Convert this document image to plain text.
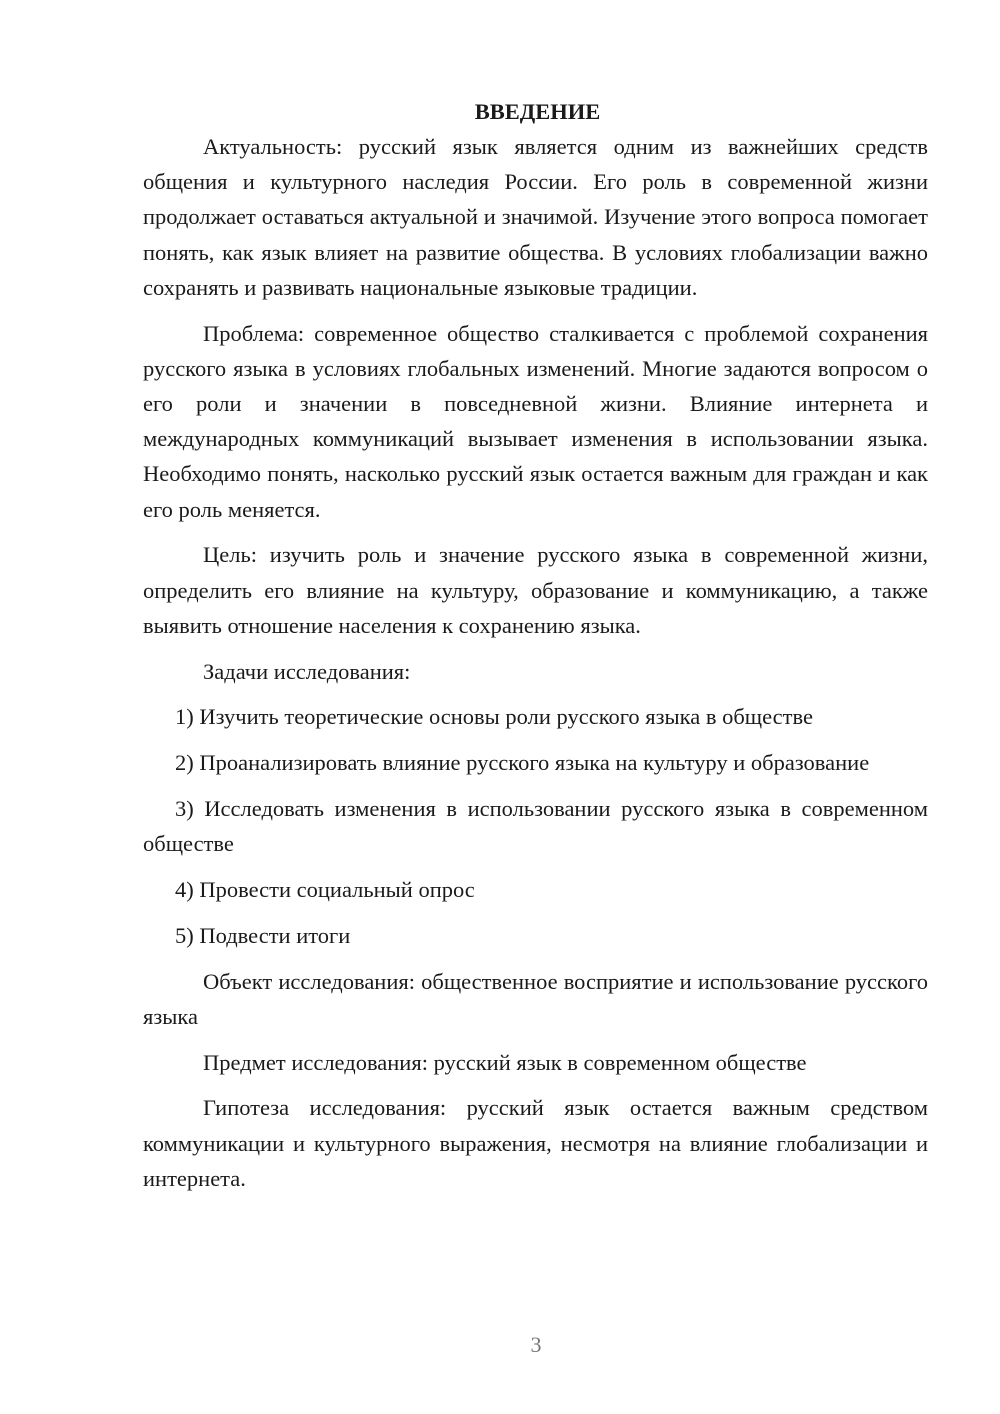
ВВЕДЕНИЕ

Актуальность: русский язык является одним из важнейших средств общения и культурного наследия России. Его роль в современной жизни продолжает оставаться актуальной и значимой. Изучение этого вопроса помогает понять, как язык влияет на развитие общества. В условиях глобализации важно сохранять и развивать национальные языковые традиции.

Проблема: современное общество сталкивается с проблемой сохранения русского языка в условиях глобальных изменений. Многие задаются вопросом о его роли и значении в повседневной жизни. Влияние интернета и международных коммуникаций вызывает изменения в использовании языка. Необходимо понять, насколько русский язык остается важным для граждан и как его роль меняется.

Цель: изучить роль и значение русского языка в современной жизни, определить его влияние на культуру, образование и коммуникацию, а также выявить отношение населения к сохранению языка.

Задачи исследования:

1) Изучить теоретические основы роли русского языка в обществе

2) Проанализировать влияние русского языка на культуру и образование

3) Исследовать изменения в использовании русского языка в современном обществе

4) Провести социальный опрос

5) Подвести итоги

Объект исследования: общественное восприятие и использование русского языка

Предмет исследования: русский язык в современном обществе

Гипотеза исследования: русский язык остается важным средством коммуникации и культурного выражения, несмотря на влияние глобализации и интернета.

3
